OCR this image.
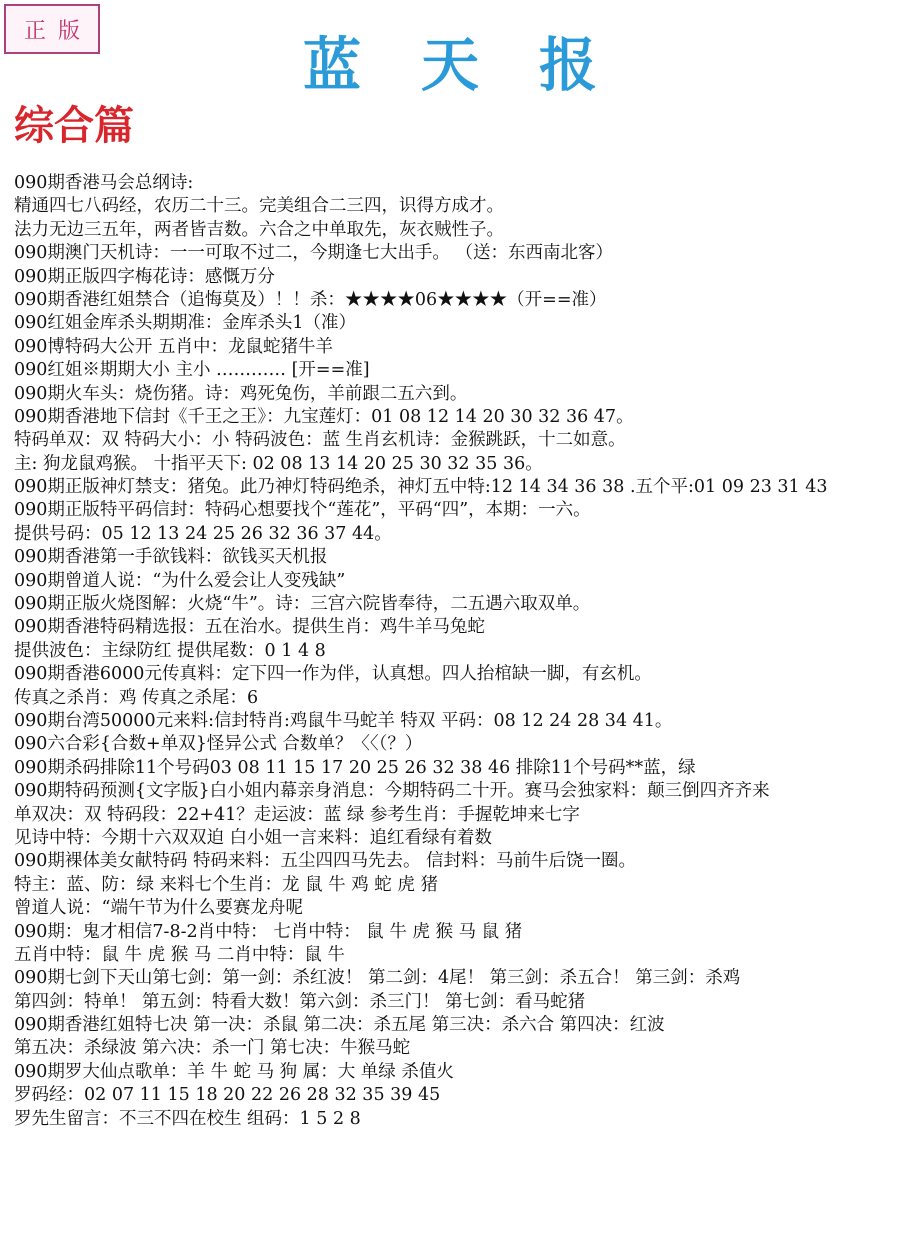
正版	蓝天报
综合篇
090期香港马会总纲诗:
精通四七八码经，农历二十三。完美组合二三四，识得方成才。
法力无边三五年，两者皆吉数。六合之中单取先，灰衣贼性子。
090期澳门天机诗：一一可取不过二，今期逢七大出手。 （送：东西南北客）
090期正版四字梅花诗：感慨万分
090期香港红姐禁合（追悔莫及）！！杀：★★★★06★★★★（开==准）
090红姐金库杀头期期准：金库杀头1（准）
090博特码大公开 五肖中：龙鼠蛇猪牛羊
090红姐※期期大小 主小 ………… [开==准]
090期火车头：烧伤猪。诗：鸡死兔伤，羊前跟二五六到。
090期香港地下信封《千王之王》：九宝莲灯：01 08 12 14 20 30 32 36 47。
特码单双：双 特码大小：小 特码波色：蓝 生肖玄机诗：金猴跳跃，十二如意。
主: 狗龙鼠鸡猴。 十指平天下: 02 08 13 14 20 25 30 32 35 36。
090期正版神灯禁支：猪兔。此乃神灯特码绝杀，神灯五中特:12 14 34 36 38 .五个平:01 09 23 31 43
090期正版特平码信封：特码心想要找个“莲花”，平码“四”，本期：一六。
提供号码：05 12 13 24 25 26 32 36 37 44。
090期香港第一手欲钱料：欲钱买天机报
090期曾道人说：“为什么爱会让人变残缺”
090期正版火烧图解：火烧“牛”。诗：三宫六院皆奉待，二五遇六取双单。
090期香港特码精选报：五在治水。提供生肖：鸡牛羊马兔蛇
提供波色：主绿防红 提供尾数：0 1 4 8
090期香港6000元传真料：定下四一作为伴，认真想。四人抬棺缺一脚，有玄机。
传真之杀肖：鸡 传真之杀尾：6
090期台湾50000元来料:信封特肖:鸡鼠牛马蛇羊 特双 平码：08 12 24 28 34 41。
090六合彩{合数+单双}怪异公式 合数单？〈〈（？）
090期杀码排除11个号码03 08 11 15 17 20 25 26 32 38 46 排除11个号码**蓝，绿
090期特码预测{文字版}白小姐内幕亲身消息：今期特码二十开。赛马会独家料：颠三倒四齐齐来
单双决：双 特码段：22+41？走运波：蓝 绿 参考生肖：手握乾坤来七字
见诗中特：今期十六双双迫 白小姐一言来料：追红看绿有着数
090期裸体美女献特码 特码来料：五尘四四马先去。 信封料：马前牛后饶一圈。
特主：蓝、防：绿 来料七个生肖：龙 鼠 牛 鸡 蛇 虎 猪
曾道人说：“端午节为什么要赛龙舟呢
090期：鬼才相信7-8-2肖中特： 七肖中特： 鼠 牛 虎 猴 马 鼠 猪
五肖中特：鼠 牛 虎 猴 马 二肖中特：鼠 牛
090期七剑下天山第七剑：第一剑：杀红波！ 第二剑：4尾！ 第三剑：杀五合！ 第三剑：杀鸡
第四剑：特单！ 第五剑：特看大数！第六剑：杀三门！ 第七剑：看马蛇猪
090期香港红姐特七决 第一决：杀鼠 第二决：杀五尾 第三决：杀六合 第四决：红波
第五决：杀绿波 第六决：杀一门 第七决：牛猴马蛇
090期罗大仙点歌单：羊 牛 蛇 马 狗 属：大 单绿 杀值火
罗码经：02 07 11 15 18 20 22 26 28 32 35 39 45
罗先生留言：不三不四在校生 组码：1 5 2 8
